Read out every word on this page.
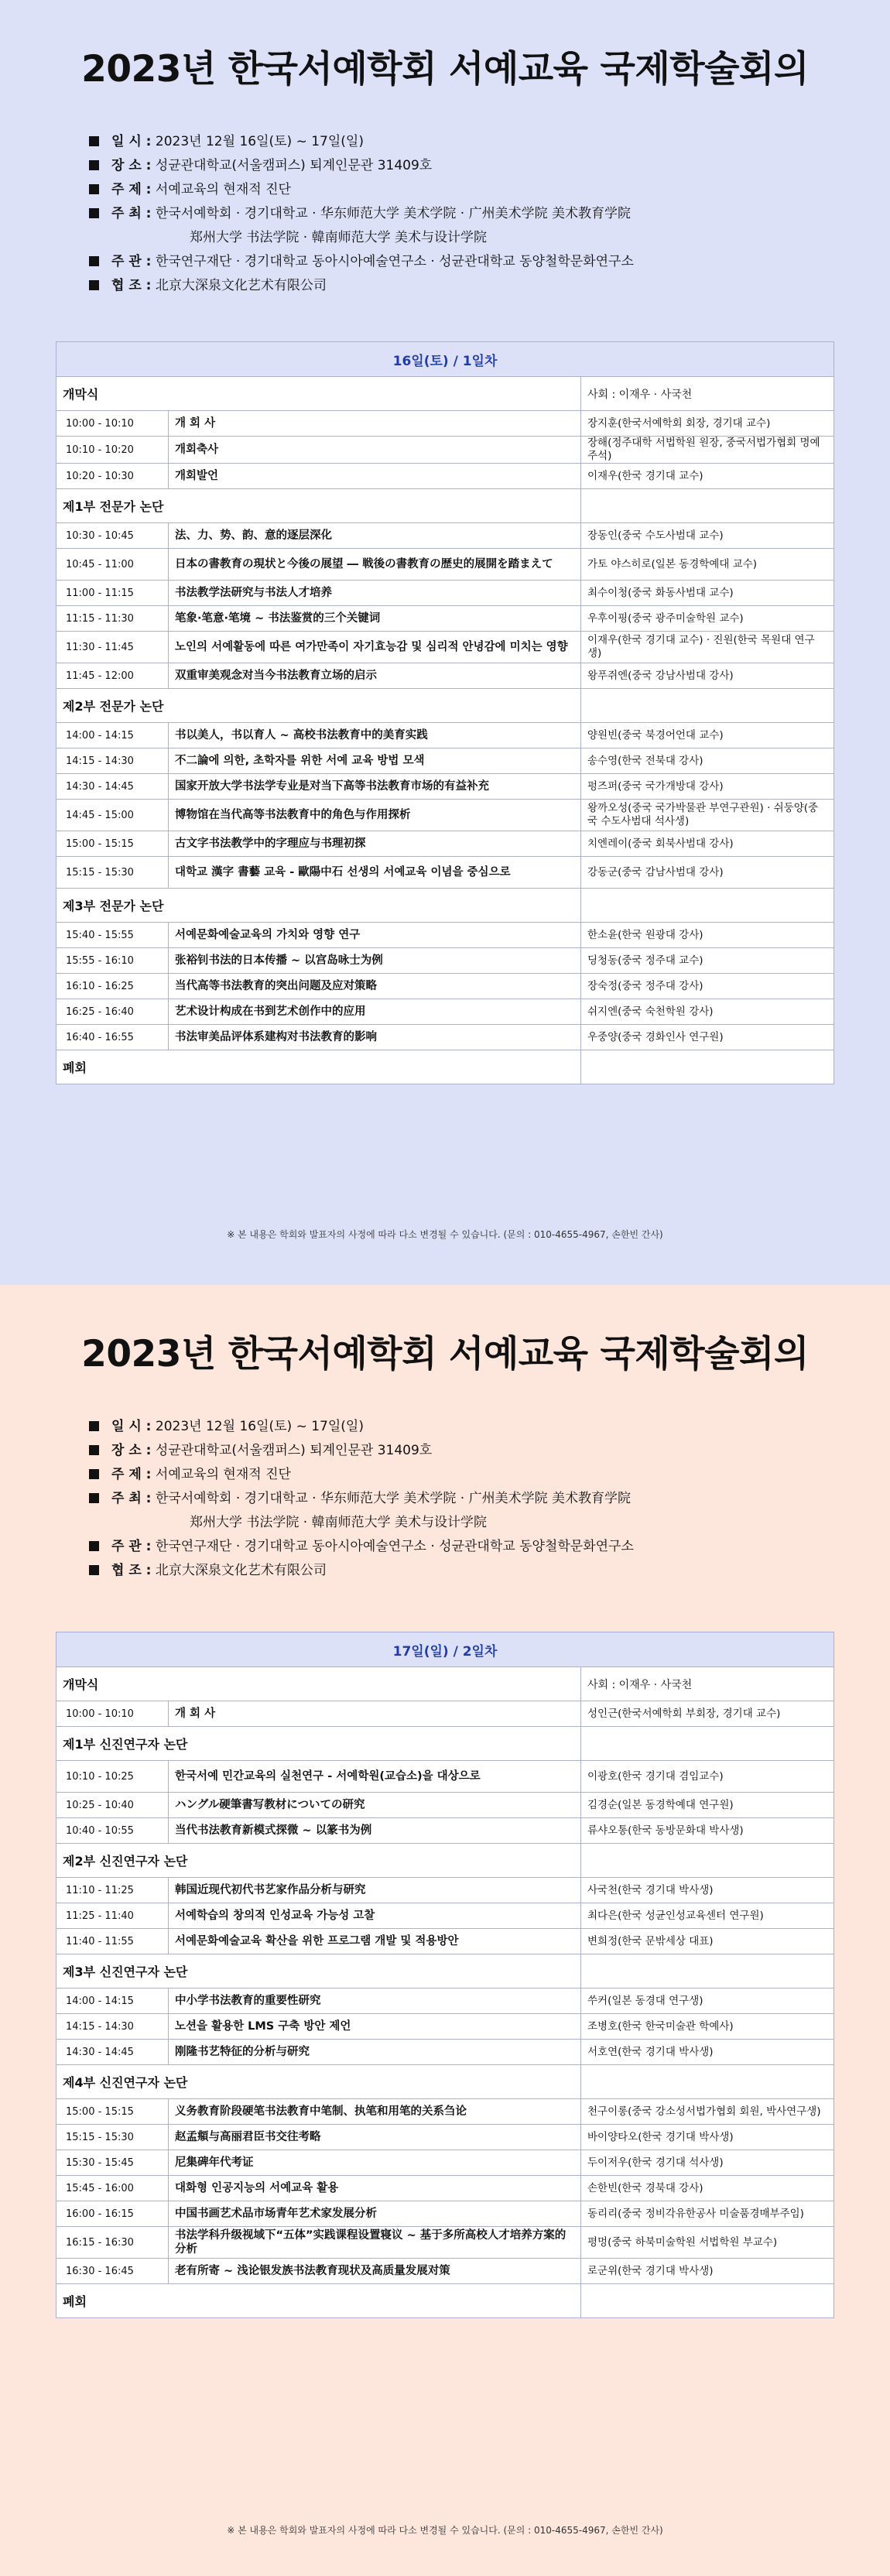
2023년 한국서예학회 서예교육 국제학술회의
일 시 : 2023년 12월 16일(토) ~ 17일(일)
장 소 : 성균관대학교(서울캠퍼스) 퇴계인문관 31409호
주 제 : 서예교육의 현재적 진단
주 최 : 한국서예학회 · 경기대학교 · 华东师范大学 美术学院 · 广州美术学院 美术教育学院
郑州大学 书法学院 · 韓南师范大学 美术与设计学院
주 관 : 한국연구재단 · 경기대학교 동아시아예술연구소 · 성균관대학교 동양철학문화연구소
협 조 : 北京大深泉文化艺术有限公司
16일(토) / 1일차		
개막식		사회 : 이재우 · 사국천
10:00 - 10:10	개 회 사	장지훈(한국서예학회 회장, 경기대 교수)
10:10 - 10:20	개회축사	장해(정주대학 서법학원 원장, 중국서법가협회 명예주석)
10:20 - 10:30	개회발언	이재우(한국 경기대 교수)
제1부 전문가 논단		
10:30 - 10:45	法、力、势、韵、意的逐层深化	장동인(중국 수도사범대 교수)
10:45 - 11:00	日本の書教育の現状と今後の展望 ― 戦後の書教育の歴史的展開を踏まえて	가토 야스히로(일본 동경학예대 교수)
11:00 - 11:15	书法教学法研究与书法人才培养	최수이청(중국 화동사범대 교수)
11:15 - 11:30	笔象·笔意·笔境 ~ 书法鉴赏的三个关键词	우후이핑(중국 광주미술학원 교수)
11:30 - 11:45	노인의 서예활동에 따른 여가만족이 자기효능감 및 심리적 안녕감에 미치는 영향	이재우(한국 경기대 교수) · 진원(한국 목원대 연구생)
11:45 - 12:00	双重审美观念对当今书法教育立场的启示	왕푸쥐엔(중국 강남사범대 강사)
제2부 전문가 논단		
14:00 - 14:15	书以美人，书以育人 ~ 高校书法教育中的美育实践	양원빈(중국 북경어언대 교수)
14:15 - 14:30	不二論에 의한, 초학자를 위한 서예 교육 방법 모색	송수영(한국 전북대 강사)
14:30 - 14:45	国家开放大学书法学专业是对当下高等书法教育市场的有益补充	펑즈퍼(중국 국가개방대 강사)
14:45 - 15:00	博物馆在当代高等书法教育中的角色与作用探析	왕까오성(중국 국가박물관 부연구관원) · 쉬둥양(중국 수도사범대 석사생)
15:00 - 15:15	古文字书法教学中的字理应与书理初探	치엔레이(중국 회북사범대 강사)
15:15 - 15:30	대학교 漢字 書藝 교육 - 歐陽中石 선생의 서예교육 이념을 중심으로	강동군(중국 감남사범대 강사)
제3부 전문가 논단		
15:40 - 15:55	서예문화예술교육의 가치와 영향 연구	한소윤(한국 원광대 강사)
15:55 - 16:10	张裕钊书法的日本传播 ~ 以宫岛咏士为例	딩청동(중국 정주대 교수)
16:10 - 16:25	当代高等书法教育的突出问题及应对策略	장숙정(중국 정주대 강사)
16:25 - 16:40	艺术设计构成在书到艺术创作中的应用	쉬지엔(중국 숙천학원 강사)
16:40 - 16:55	书法审美品评体系建构对书法教育的影响	우중양(중국 경화인사 연구원)
폐회		
※ 본 내용은 학회와 발표자의 사정에 따라 다소 변경될 수 있습니다. (문의 : 010-4655-4967, 손한빈 간사)
2023년 한국서예학회 서예교육 국제학술회의
일 시 : 2023년 12월 16일(토) ~ 17일(일)
장 소 : 성균관대학교(서울캠퍼스) 퇴계인문관 31409호
주 제 : 서예교육의 현재적 진단
주 최 : 한국서예학회 · 경기대학교 · 华东师范大学 美术学院 · 广州美术学院 美术教育学院
郑州大学 书法学院 · 韓南师范大学 美术与设计学院
주 관 : 한국연구재단 · 경기대학교 동아시아예술연구소 · 성균관대학교 동양철학문화연구소
협 조 : 北京大深泉文化艺术有限公司
17일(일) / 2일차		
개막식		사회 : 이재우 · 사국천
10:00 - 10:10	개 회 사	성인근(한국서예학회 부회장, 경기대 교수)
제1부 신진연구자 논단		
10:10 - 10:25	한국서예 민간교육의 실천연구 - 서예학원(교습소)을 대상으로	이광호(한국 경기대 겸임교수)
10:25 - 10:40	ハングル硬筆書写教材についての研究	김경순(일본 동경학예대 연구원)
10:40 - 10:55	当代书法教育新模式探微 ~ 以篆书为例	류샤오통(한국 동방문화대 박사생)
제2부 신진연구자 논단		
11:10 - 11:25	韩国近现代初代书艺家作品分析与研究	사국천(한국 경기대 박사생)
11:25 - 11:40	서예학습의 창의적 인성교육 가능성 고찰	최다은(한국 성균인성교육센터 연구원)
11:40 - 11:55	서예문화예술교육 확산을 위한 프로그램 개발 및 적용방안	변희정(한국 문밖세상 대표)
제3부 신진연구자 논단		
14:00 - 14:15	中小学书法教育的重要性研究	쑤커(일본 동경대 연구생)
14:15 - 14:30	노션을 활용한 LMS 구축 방안 제언	조병호(한국 한국미술관 학예사)
14:30 - 14:45	刚隆书艺特征的分析与研究	서호연(한국 경기대 박사생)
제4부 신진연구자 논단		
15:00 - 15:15	义务教育阶段硬笔书法教育中笔制、执笔和用笔的关系刍论	천구이롱(중국 강소성서법가협회 회원, 박사연구생)
15:15 - 15:30	赵孟頫与高丽君臣书交往考略	바이양타오(한국 경기대 박사생)
15:30 - 15:45	尼集碑年代考证	두이저우(한국 경기대 석사생)
15:45 - 16:00	대화형 인공지능의 서예교육 활용	손한빈(한국 경북대 강사)
16:00 - 16:15	中国书画艺术品市场青年艺术家发展分析	동리리(중국 정비각유한공사 미술품경매부주임)
16:15 - 16:30	书法学科升级视域下“五体”实践课程设置寝议 ~ 基于多所高校人才培养方案的分析	평멍(중국 하북미술학원 서법학원 부교수)
16:30 - 16:45	老有所寄 ~ 浅论银发族书法教育现状及高质量发展对策	로군위(한국 경기대 박사생)
폐회		
※ 본 내용은 학회와 발표자의 사정에 따라 다소 변경될 수 있습니다. (문의 : 010-4655-4967, 손한빈 간사)
